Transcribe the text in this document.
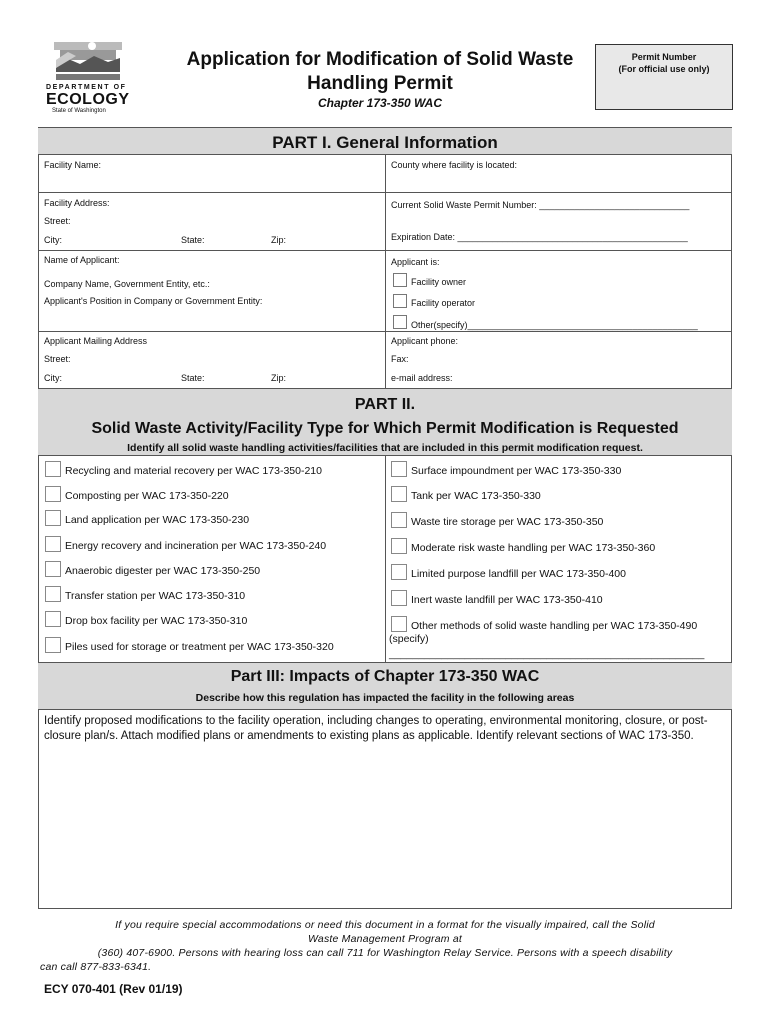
DEPARTMENT OF
ECOLOGY
State of Washington
Application for Modification of Solid Waste
Handling Permit
Chapter 173-350 WAC
Permit Number
(For official use only)
PART I. General Information
Facility Name:	County where facility is located:
Facility Address:
Street:
City:	State:	Zip:
Current Solid Waste Permit Number: ______________________________
Expiration Date: ______________________________________________
Name of Applicant:
Company Name, Government Entity, etc.:
Applicant's Position in Company or Government Entity:
Applicant is:
Facility owner
Facility operator
Other(specify)______________________________________________
Applicant Mailing Address
Street:
City:	State:	Zip:
Applicant phone:
Fax:
e-mail address:
PART II.
Solid Waste Activity/Facility Type for Which Permit Modification is Requested
Identify all solid waste handling activities/facilities that are included in this permit modification request.
Recycling and material recovery per WAC 173-350-210
Composting per WAC 173-350-220
Land application per WAC 173-350-230
Energy recovery and incineration per WAC 173-350-240
Anaerobic digester per WAC 173-350-250
Transfer station per WAC 173-350-310
Drop box facility per WAC 173-350-310
Piles used for storage or treatment per WAC 173-350-320
Surface impoundment per WAC 173-350-330
Tank per WAC 173-350-330
Waste tire storage per WAC 173-350-350
Moderate risk waste handling per WAC 173-350-360
Limited purpose landfill per WAC 173-350-400
Inert waste landfill per WAC 173-350-410
Other methods of solid waste handling per WAC 173-350-490
(specify)
______________________________________________________
Part III: Impacts of Chapter 173-350 WAC
Describe how this regulation has impacted the facility in the following areas
Identify proposed modifications to the facility operation, including changes to operating, environmental monitoring, closure, or post-closure plan/s. Attach modified plans or amendments to existing plans as applicable. Identify relevant sections of WAC 173-350.
If you require special accommodations or need this document in a format for the visually impaired, call the Solid
Waste Management Program at
(360) 407-6900. Persons with hearing loss can call 711 for Washington Relay Service. Persons with a speech disability
can call 877-833-6341.
ECY 070-401 (Rev 01/19)
